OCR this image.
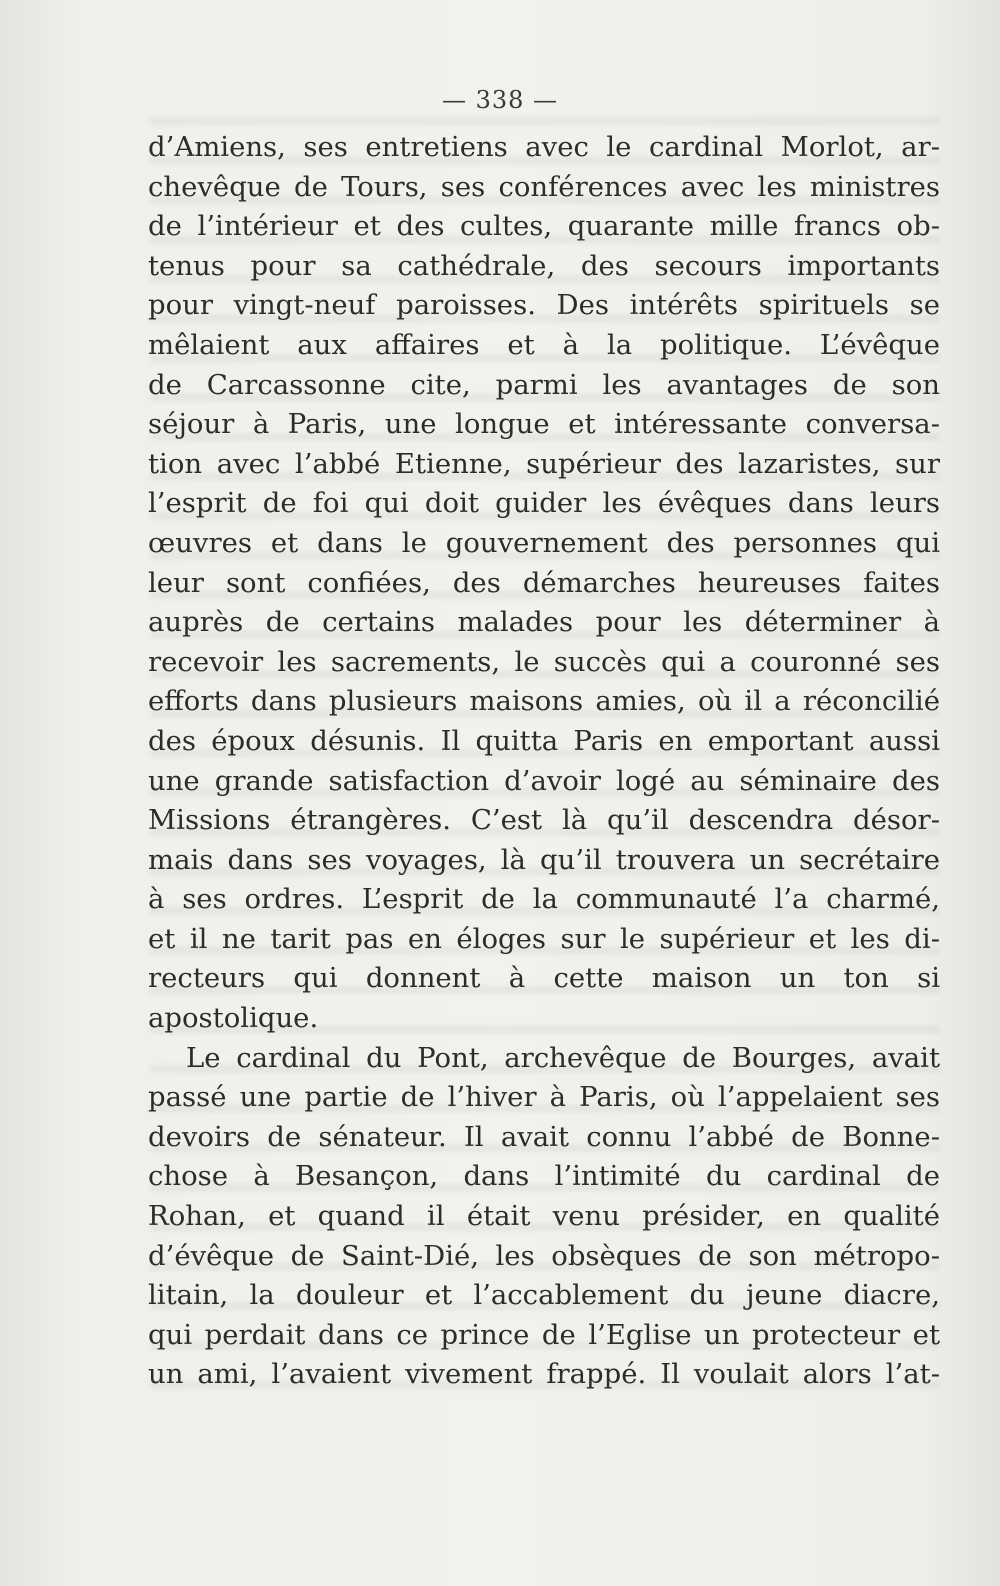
— 338 —

d’Amiens, ses entretiens avec le cardinal Morlot, ar-
chevêque de Tours, ses conférences avec les ministres
de l’intérieur et des cultes, quarante mille francs ob-
tenus pour sa cathédrale, des secours importants
pour vingt-neuf paroisses. Des intérêts spirituels se
mêlaient aux affaires et à la politique. L’évêque
de Carcassonne cite, parmi les avantages de son
séjour à Paris, une longue et intéressante conversa-
tion avec l’abbé Etienne, supérieur des lazaristes, sur
l’esprit de foi qui doit guider les évêques dans leurs
œuvres et dans le gouvernement des personnes qui
leur sont confiées, des démarches heureuses faites
auprès de certains malades pour les déterminer à
recevoir les sacrements, le succès qui a couronné ses
efforts dans plusieurs maisons amies, où il a réconcilié
des époux désunis. Il quitta Paris en emportant aussi
une grande satisfaction d’avoir logé au séminaire des
Missions étrangères. C’est là qu’il descendra désor-
mais dans ses voyages, là qu’il trouvera un secrétaire
à ses ordres. L’esprit de la communauté l’a charmé,
et il ne tarit pas en éloges sur le supérieur et les di-
recteurs qui donnent à cette maison un ton si
apostolique.

Le cardinal du Pont, archevêque de Bourges, avait
passé une partie de l’hiver à Paris, où l’appelaient ses
devoirs de sénateur. Il avait connu l’abbé de Bonne-
chose à Besançon, dans l’intimité du cardinal de
Rohan, et quand il était venu présider, en qualité
d’évêque de Saint-Dié, les obsèques de son métropo-
litain, la douleur et l’accablement du jeune diacre,
qui perdait dans ce prince de l’Eglise un protecteur et
un ami, l’avaient vivement frappé. Il voulait alors l’at-
